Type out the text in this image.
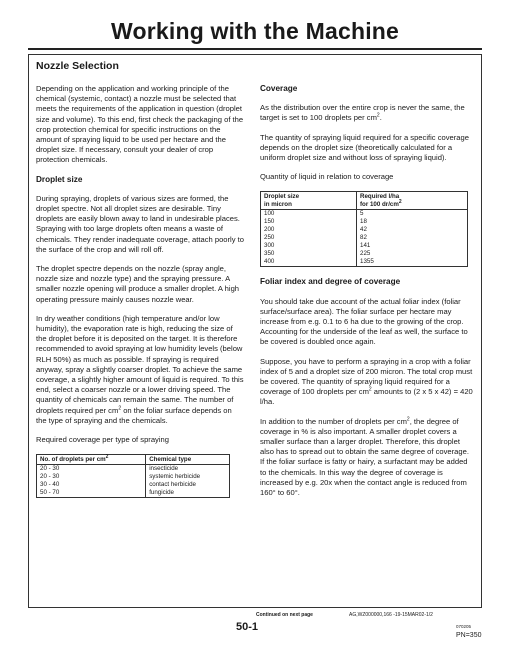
Working with the Machine
Nozzle Selection

Depending on the application and working principle of the chemical (systemic, contact) a nozzle must be selected that meets the requirements of the application in question (droplet size and volume). To this end, first check the packaging of the crop protection chemical for specific instructions on the amount of spraying liquid to be used per hectare and the droplet size. If necessary, consult your dealer of crop protection chemicals.

Droplet size

During spraying, droplets of various sizes are formed, the droplet spectre. Not all droplet sizes are desirable. Tiny droplets are easily blown away to land in undesirable places. Spraying with too large droplets often means a waste of chemicals. They render inadequate coverage, attach poorly to the surface of the crop and will roll off.

The droplet spectre depends on the nozzle (spray angle, nozzle size and nozzle type) and the spraying pressure. A smaller nozzle opening will produce a smaller droplet. A high operating pressure mainly causes nozzle wear.

In dry weather conditions (high temperature and/or low humidity), the evaporation rate is high, reducing the size of the droplet before it is deposited on the target. It is therefore recommended to avoid spraying at low humidity levels (below RLH 50%) as much as possible. If spraying is required anyway, spray a slightly coarser droplet. To achieve the same coverage, a slightly higher amount of liquid is required. To this end, select a coarser nozzle or a lower driving speed. The quantity of chemicals can remain the same. The number of droplets required per $cm^2$ on the foliar surface depends on the type of spraying and the chemicals.

Required coverage per type of spraying

No. of droplets per $cm^2$	Chemical type
20 - 30	insecticide
20 - 30	systemic herbicide
30 - 40	contact herbicide
50 - 70	fungicide
Coverage

As the distribution over the entire crop is never the same, the target is set to 100 droplets per $cm^2$.

The quantity of spraying liquid required for a specific coverage depends on the droplet size (theoretically calculated for a uniform droplet size and without loss of spraying liquid).

Quantity of liquid in relation to coverage

Droplet size
in micron	Required l/ha
for 100 $dr/cm^2$
100	5
150	18
200	42
250	82
300	141
350	225
400	1355
Foliar index and degree of coverage

You should take due account of the actual foliar index (foliar surface/surface area). The foliar surface per hectare may increase from e.g. 0.1 to 6 ha due to the growing of the crop. Accounting for the underside of the leaf as well, the surface to be covered is doubled once again.

Suppose, you have to perform a spraying in a crop with a foliar index of 5 and a droplet size of 200 micron. The total crop must be covered. The quantity of spraying liquid required for a coverage of 100 droplets per $cm^2$ amounts to (2 x 5 x 42) = 420 l/ha.

In addition to the number of droplets per $cm^2$, the degree of coverage in % is also important. A smaller droplet covers a smaller surface than a larger droplet. Therefore, this droplet also has to spread out to obtain the same degree of coverage. If the foliar surface is fatty or hairy, a surfactant may be added to the chemicals. In this way the degree of coverage is increased by e.g. 20x when the contact angle is reduced from 160° to 60°.

Continued on next page	AG,WZ000000,166 -19-15MAR02-1/2
50-1	070205
PN=350
